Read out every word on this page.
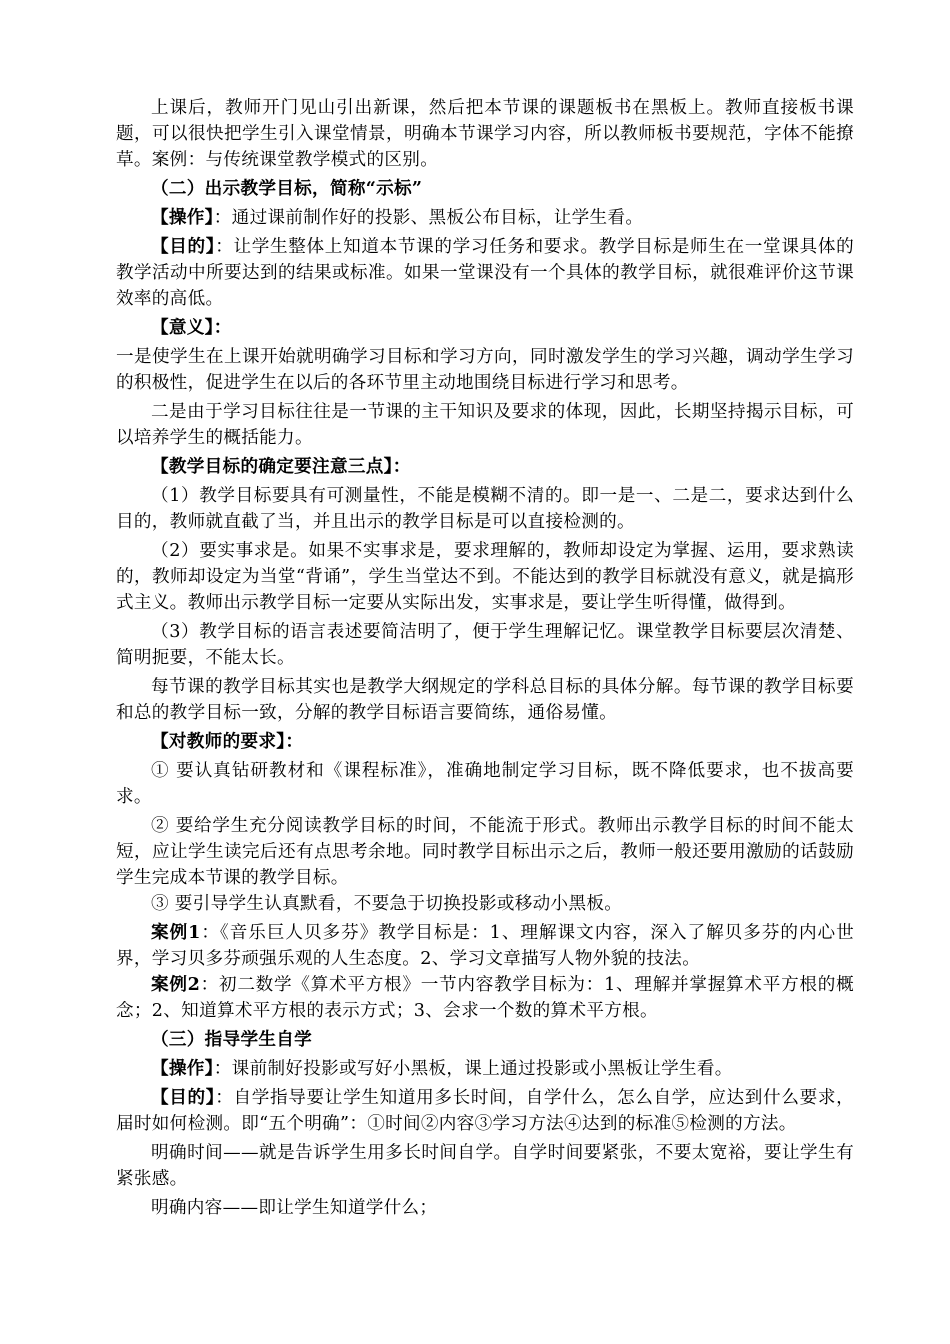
上课后，教师开门见山引出新课，然后把本节课的课题板书在黑板上。教师直接板书课题，可以很快把学生引入课堂情景，明确本节课学习内容，所以教师板书要规范，字体不能撩草。案例：与传统课堂教学模式的区别。

（二）出示教学目标，简称“示标”

【操作】：通过课前制作好的投影、黑板公布目标，让学生看。

【目的】：让学生整体上知道本节课的学习任务和要求。教学目标是师生在一堂课具体的教学活动中所要达到的结果或标准。如果一堂课没有一个具体的教学目标，就很难评价这节课效率的高低。

【意义】：

一是使学生在上课开始就明确学习目标和学习方向，同时激发学生的学习兴趣，调动学生学习的积极性，促进学生在以后的各环节里主动地围绕目标进行学习和思考。

二是由于学习目标往往是一节课的主干知识及要求的体现，因此，长期坚持揭示目标，可以培养学生的概括能力。

【教学目标的确定要注意三点】：

（1）教学目标要具有可测量性，不能是模糊不清的。即一是一、二是二，要求达到什么目的，教师就直截了当，并且出示的教学目标是可以直接检测的。

（2）要实事求是。如果不实事求是，要求理解的，教师却设定为掌握、运用，要求熟读的，教师却设定为当堂“背诵”，学生当堂达不到。不能达到的教学目标就没有意义，就是搞形式主义。教师出示教学目标一定要从实际出发，实事求是，要让学生听得懂，做得到。

（3）教学目标的语言表述要简洁明了，便于学生理解记忆。课堂教学目标要层次清楚、简明扼要，不能太长。

每节课的教学目标其实也是教学大纲规定的学科总目标的具体分解。每节课的教学目标要和总的教学目标一致，分解的教学目标语言要简练，通俗易懂。

【对教师的要求】：

① 要认真钻研教材和《课程标准》，准确地制定学习目标，既不降低要求，也不拔高要求。

② 要给学生充分阅读教学目标的时间，不能流于形式。教师出示教学目标的时间不能太短，应让学生读完后还有点思考余地。同时教学目标出示之后，教师一般还要用激励的话鼓励学生完成本节课的教学目标。

③ 要引导学生认真默看，不要急于切换投影或移动小黑板。

案例1：《音乐巨人贝多芬》教学目标是：1、理解课文内容，深入了解贝多芬的内心世界，学习贝多芬顽强乐观的人生态度。2、学习文章描写人物外貌的技法。

案例2：初二数学《算术平方根》一节内容教学目标为：1、理解并掌握算术平方根的概念；2、知道算术平方根的表示方式；3、会求一个数的算术平方根。

（三）指导学生自学

【操作】：课前制好投影或写好小黑板，课上通过投影或小黑板让学生看。

【目的】：自学指导要让学生知道用多长时间，自学什么，怎么自学，应达到什么要求，届时如何检测。即“五个明确”：①时间②内容③学习方法④达到的标准⑤检测的方法。

明确时间——就是告诉学生用多长时间自学。自学时间要紧张，不要太宽裕，要让学生有紧张感。

明确内容——即让学生知道学什么；
